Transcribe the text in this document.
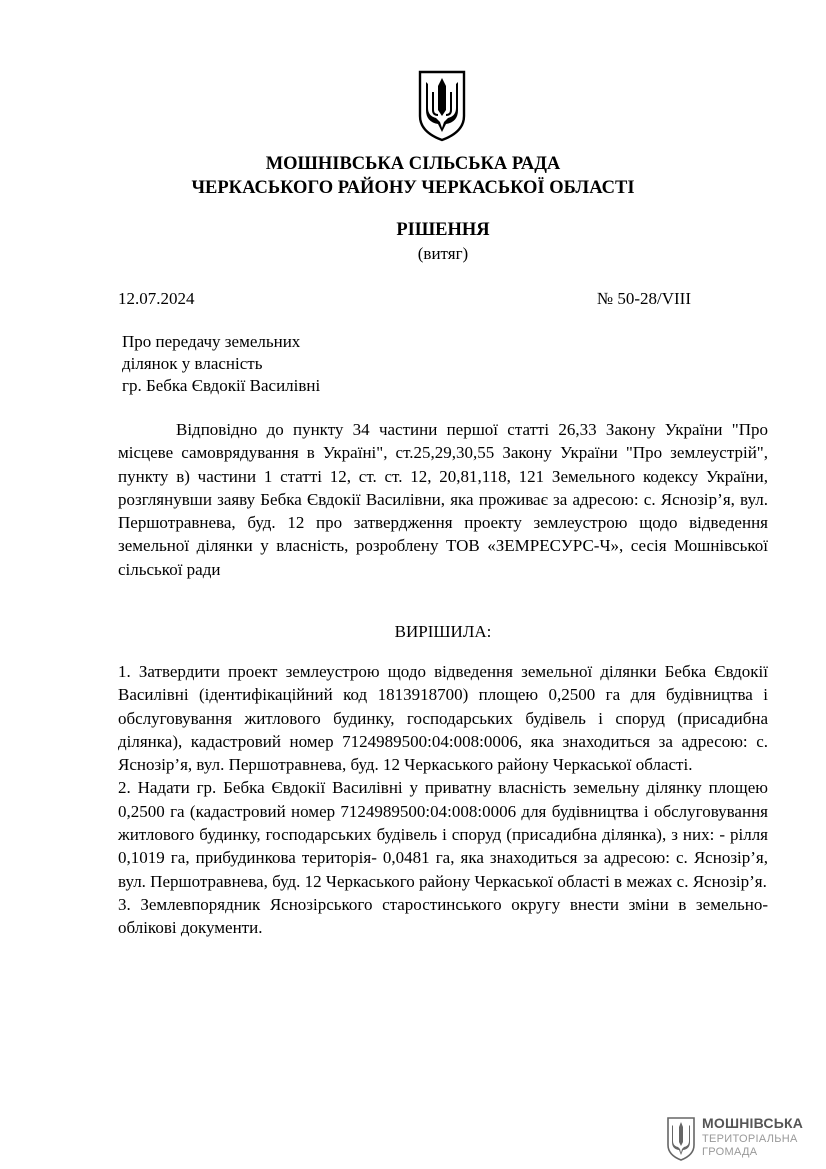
МОШНІВСЬКА СІЛЬСЬКА РАДА
ЧЕРКАСЬКОГО РАЙОНУ ЧЕРКАСЬКОЇ ОБЛАСТІ
РІШЕННЯ
(витяг)
12.07.2024	№ 50-28/VIII
Про передачу земельних
ділянок у власність
гр. Бебка Євдокії Василівні

Відповідно до пункту 34 частини першої статті 26,33 Закону України "Про місцеве самоврядування в Україні", ст.25,29,30,55 Закону України "Про землеустрій", пункту в) частини 1 статті 12, ст. ст. 12, 20,81,118, 121 Земельного кодексу України, розглянувши заяву Бебка Євдокії Василівни, яка проживає за адресою: с. Яснозір’я, вул. Першотравнева, буд. 12 про затвердження проекту землеустрою щодо відведення земельної ділянки у власність, розроблену ТОВ «ЗЕМРЕСУРС-Ч», сесія Мошнівської сільської ради

ВИРІШИЛА:

1. Затвердити проект землеустрою щодо відведення земельної ділянки Бебка Євдокії Василівні (ідентифікаційний код 1813918700) площею 0,2500 га для будівництва і обслуговування житлового будинку, господарських будівель і споруд (присадибна ділянка), кадастровий номер 7124989500:04:008:0006, яка знаходиться за адресою: с. Яснозір’я, вул. Першотравнева, буд. 12 Черкаського району Черкаської області.

2. Надати гр. Бебка Євдокії Василівні у приватну власність земельну ділянку площею 0,2500 га (кадастровий номер 7124989500:04:008:0006 для будівництва і обслуговування житлового будинку, господарських будівель і споруд (присадибна ділянка), з них: - рілля 0,1019 га, прибудинкова територія- 0,0481 га, яка знаходиться за адресою: с. Яснозір’я, вул. Першотравнева, буд. 12 Черкаського району Черкаської області в межах с. Яснозір’я.

3. Землевпорядник Яснозірського старостинського округу внести зміни в земельно-облікові документи.

МОШНІВСЬКА
ТЕРИТОРІАЛЬНА
ГРОМАДА
